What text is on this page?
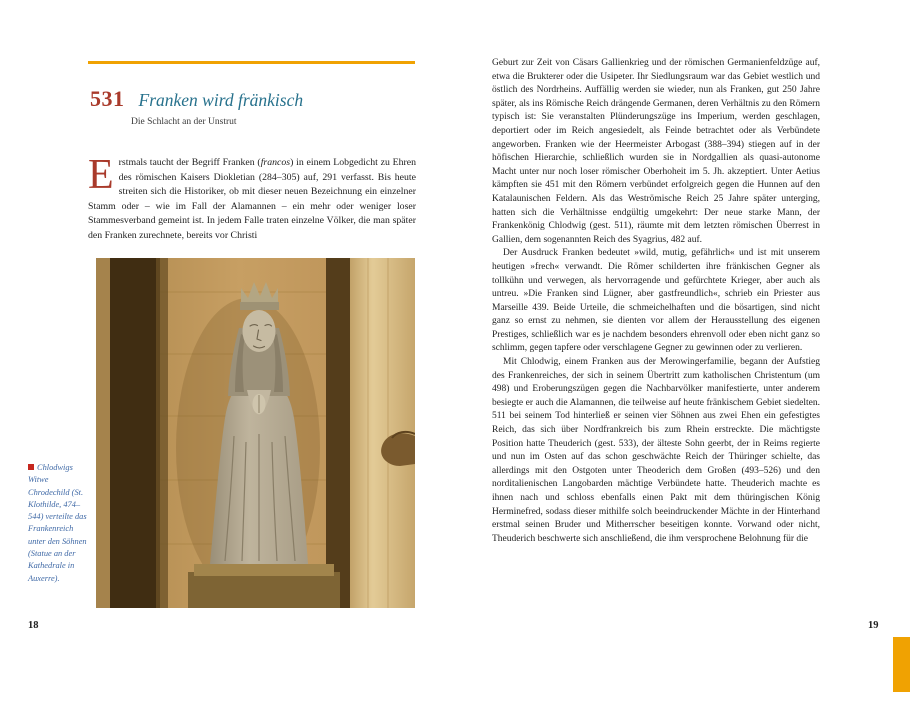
531 Franken wird fränkisch
Die Schlacht an der Unstrut

Erstmals taucht der Begriff Franken (francos) in einem Lobgedicht zu Ehren des römischen Kaisers Diokletian (284–305) auf, 291 verfasst. Bis heute streiten sich die Historiker, ob mit dieser neuen Bezeichnung ein einzelner Stamm oder – wie im Fall der Alamannen – ein mehr oder weniger loser Stammesverband gemeint ist. In jedem Falle traten einzelne Völker, die man später den Franken zurechnete, bereits vor Christi

Chlodwigs Witwe Chrodechild (St. Klothilde, 474–544) verteilte das Frankenreich unter den Söhnen (Statue an der Kathedrale in Auxerre).
18

Geburt zur Zeit von Cäsars Gallienkrieg und der römischen Germanienfeldzüge auf, etwa die Brukterer oder die Usipeter. Ihr Siedlungsraum war das Gebiet westlich und östlich des Nordrheins. Auffällig werden sie wieder, nun als Franken, gut 250 Jahre später, als ins Römische Reich drängende Germanen, deren Verhältnis zu den Römern typisch ist: Sie veranstalten Plünderungszüge ins Imperium, werden geschlagen, deportiert oder im Reich angesiedelt, als Feinde betrachtet oder als Verbündete angeworben. Franken wie der Heermeister Arbogast (388–394) stiegen auf in der höfischen Hierarchie, schließlich wurden sie in Nordgallien als quasi-autonome Macht unter nur noch loser römischer Oberhoheit im 5. Jh. akzeptiert. Unter Aetius kämpften sie 451 mit den Römern verbündet erfolgreich gegen die Hunnen auf den Katalaunischen Feldern. Als das Weströmische Reich 25 Jahre später unterging, hatten sich die Verhältnisse endgültig umgekehrt: Der neue starke Mann, der Frankenkönig Chlodwig (gest. 511), räumte mit dem letzten römischen Überrest in Gallien, dem sogenannten Reich des Syagrius, 482 auf.

Der Ausdruck Franken bedeutet »wild, mutig, gefährlich« und ist mit unserem heutigen »frech« verwandt. Die Römer schilderten ihre fränkischen Gegner als tollkühn und verwegen, als hervorragende und gefürchtete Krieger, aber auch als untreu. »Die Franken sind Lügner, aber gastfreundlich«, schrieb ein Priester aus Marseille 439. Beide Urteile, die schmeichelhaften und die bösartigen, sind nicht ganz so ernst zu nehmen, sie dienten vor allem der Herausstellung des eigenen Prestiges, schließlich war es je nachdem besonders ehrenvoll oder eben nicht ganz so schlimm, gegen tapfere oder verschlagene Gegner zu gewinnen oder zu verlieren.

Mit Chlodwig, einem Franken aus der Merowingerfamilie, begann der Aufstieg des Frankenreiches, der sich in seinem Übertritt zum katholischen Christentum (um 498) und Eroberungszügen gegen die Nachbarvölker manifestierte, unter anderem besiegte er auch die Alamannen, die teilweise auf heute fränkischem Gebiet siedelten. 511 bei seinem Tod hinterließ er seinen vier Söhnen aus zwei Ehen ein gefestigtes Reich, das sich über Nordfrankreich bis zum Rhein erstreckte. Die mächtigste Position hatte Theuderich (gest. 533), der älteste Sohn geerbt, der in Reims regierte und nun im Osten auf das schon geschwächte Reich der Thüringer schielte, das allerdings mit den Ostgoten unter Theoderich dem Großen (493–526) und den norditalienischen Langobarden mächtige Verbündete hatte. Theuderich machte es ihnen nach und schloss ebenfalls einen Pakt mit dem thüringischen König Herminefred, sodass dieser mithilfe solch beeindruckender Mächte in der Hinterhand erstmal seinen Bruder und Mitherrscher beseitigen konnte. Vorwand oder nicht, Theuderich beschwerte sich anschließend, die ihm versprochene Belohnung für die

19
